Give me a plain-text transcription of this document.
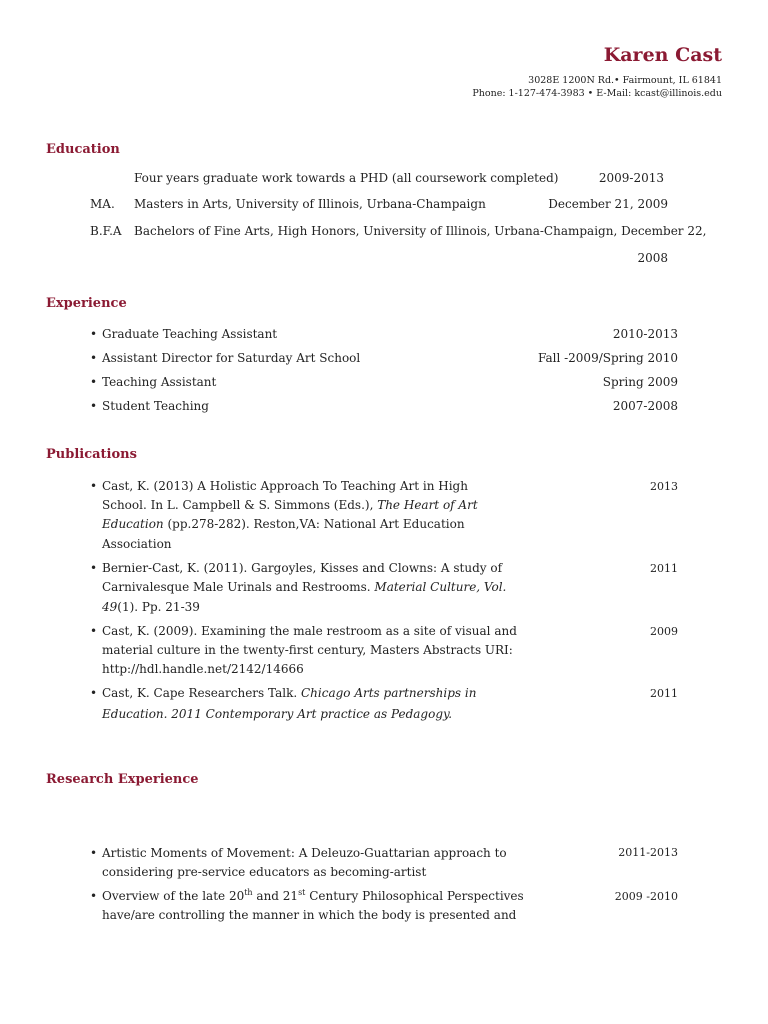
Karen Cast
3028E 1200N Rd.• Fairmount, IL 61841
Phone: 1-127-474-3983 • E-Mail: kcast@illinois.edu
Education
Four years graduate work towards a PHD (all coursework completed)	2009-2013
MA. Masters in Arts, University of Illinois, Urbana-Champaign	December 21, 2009
B.F.A Bachelors of Fine Arts, High Honors, University of Illinois, Urbana-Champaign, December 22,
2008
Experience
• Graduate Teaching Assistant	2010-2013
• Assistant Director for Saturday Art School	Fall -2009/Spring 2010
• Teaching Assistant	Spring 2009
• Student Teaching	2007-2008
Publications
• Cast, K. (2013) A Holistic Approach To Teaching Art in High
School. In L. Campbell & S. Simmons (Eds.), The Heart of Art
Education (pp.278-282). Reston,VA: National Art Education
Association
2013
• Bernier-Cast, K. (2011). Gargoyles, Kisses and Clowns: A study of
Carnivalesque Male Urinals and Restrooms. Material Culture, Vol.
49(1). Pp. 21-39
2011
• Cast, K. (2009). Examining the male restroom as a site of visual and
material culture in the twenty-first century, Masters Abstracts URI:
http://hdl.handle.net/2142/14666
2009
• Cast, K. Cape Researchers Talk. Chicago Arts partnerships in
Education. 2011 Contemporary Art practice as Pedagogy.
2011
Research Experience
• Artistic Moments of Movement: A Deleuzo-Guattarian approach to
considering pre-service educators as becoming-artist
2011-2013
• Overview of the late 20th and 21st Century Philosophical Perspectives
have/are controlling the manner in which the body is presented and
2009 -2010
